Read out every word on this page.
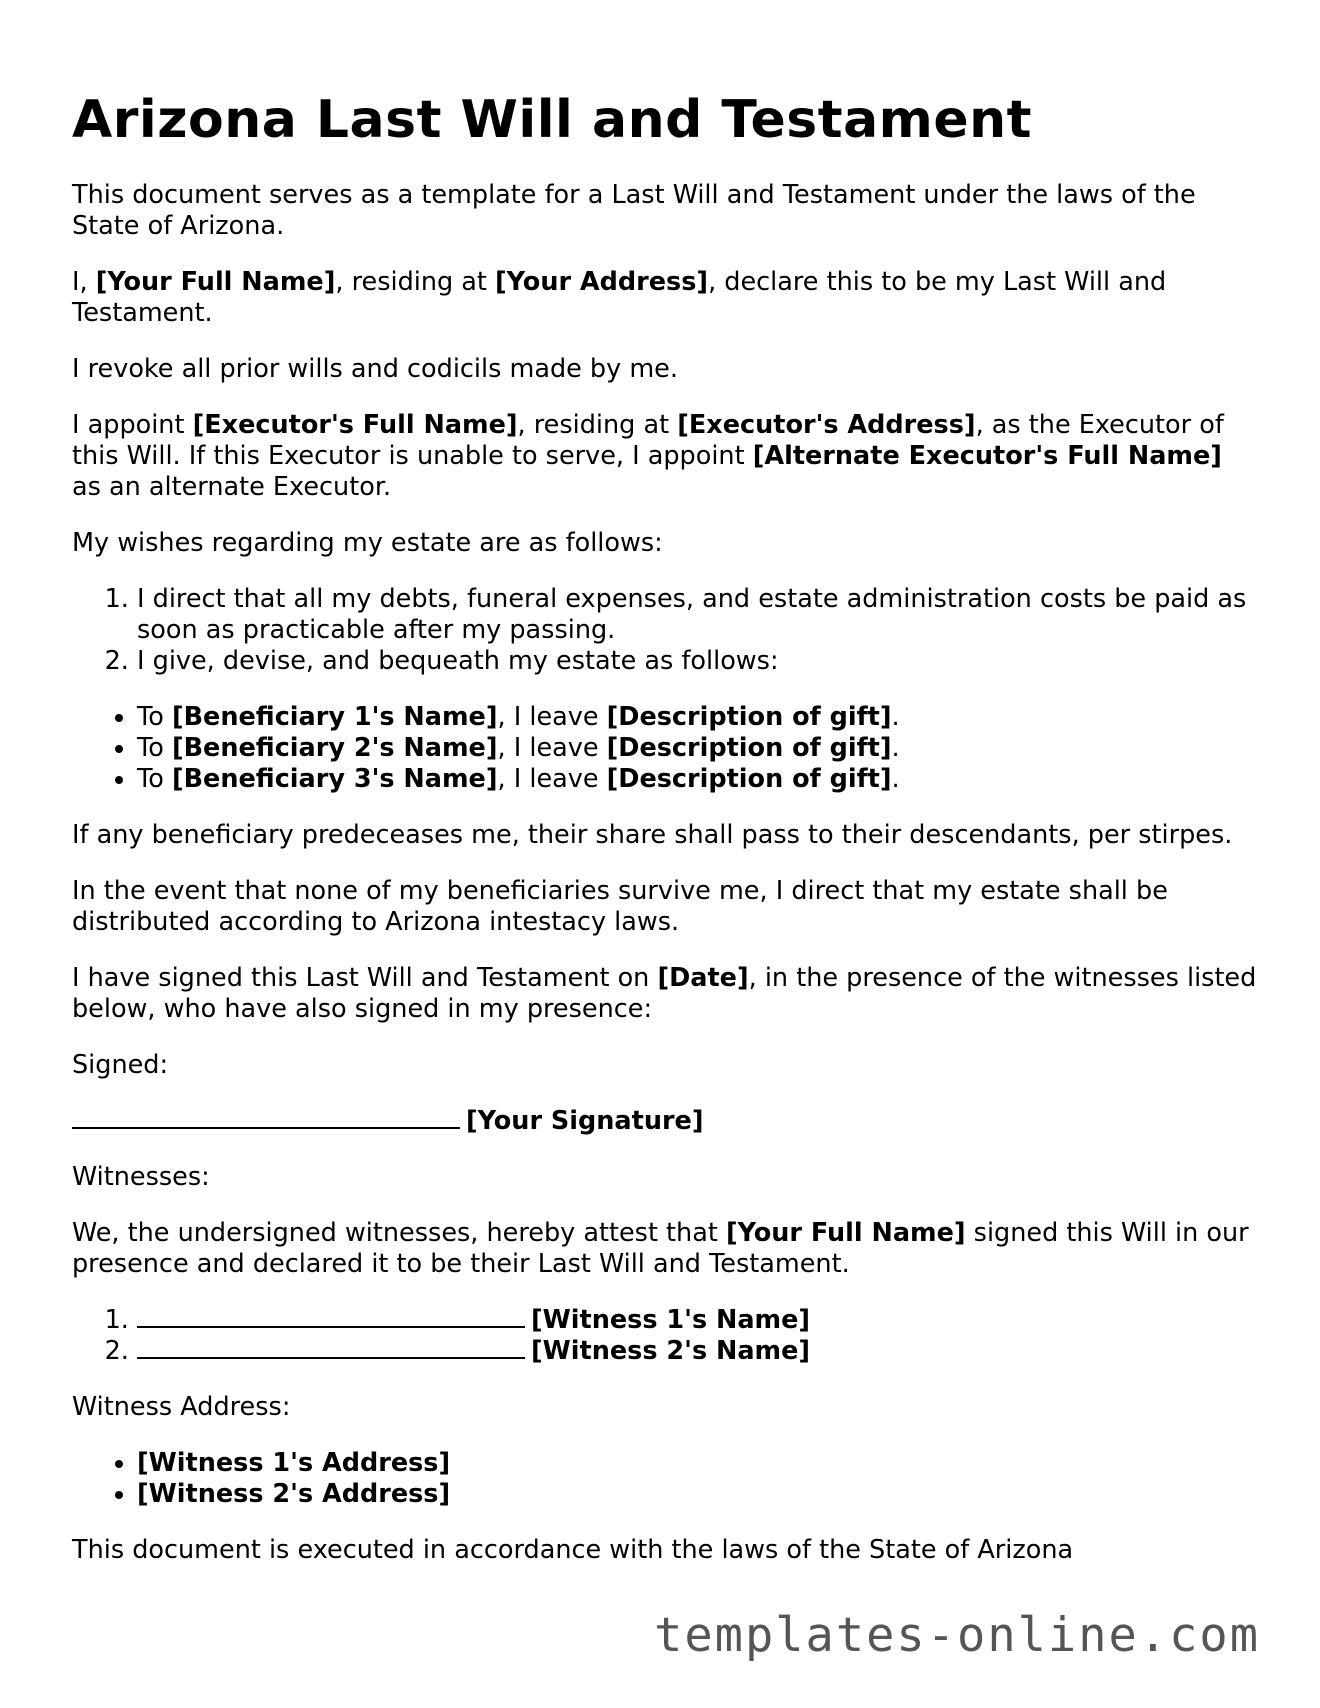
Arizona Last Will and Testament

This document serves as a template for a Last Will and Testament under the laws of the State of Arizona.

I, [Your Full Name], residing at [Your Address], declare this to be my Last Will and Testament.

I revoke all prior wills and codicils made by me.

I appoint [Executor's Full Name], residing at [Executor's Address], as the Executor of this Will. If this Executor is unable to serve, I appoint [Alternate Executor's Full Name] as an alternate Executor.

My wishes regarding my estate are as follows:

1. I direct that all my debts, funeral expenses, and estate administration costs be paid as soon as practicable after my passing.
2. I give, devise, and bequeath my estate as follows:
• To [Beneficiary 1's Name], I leave [Description of gift].
• To [Beneficiary 2's Name], I leave [Description of gift].
• To [Beneficiary 3's Name], I leave [Description of gift].

If any beneficiary predeceases me, their share shall pass to their descendants, per stirpes.

In the event that none of my beneficiaries survive me, I direct that my estate shall be distributed according to Arizona intestacy laws.

I have signed this Last Will and Testament on [Date], in the presence of the witnesses listed below, who have also signed in my presence:

Signed:

[Your Signature]

Witnesses:

We, the undersigned witnesses, hereby attest that [Your Full Name] signed this Will in our presence and declared it to be their Last Will and Testament.

1. [Witness 1's Name]
2. [Witness 2's Name]

Witness Address:

• [Witness 1's Address]
• [Witness 2's Address]

This document is executed in accordance with the laws of the State of Arizona

templates-online.com
